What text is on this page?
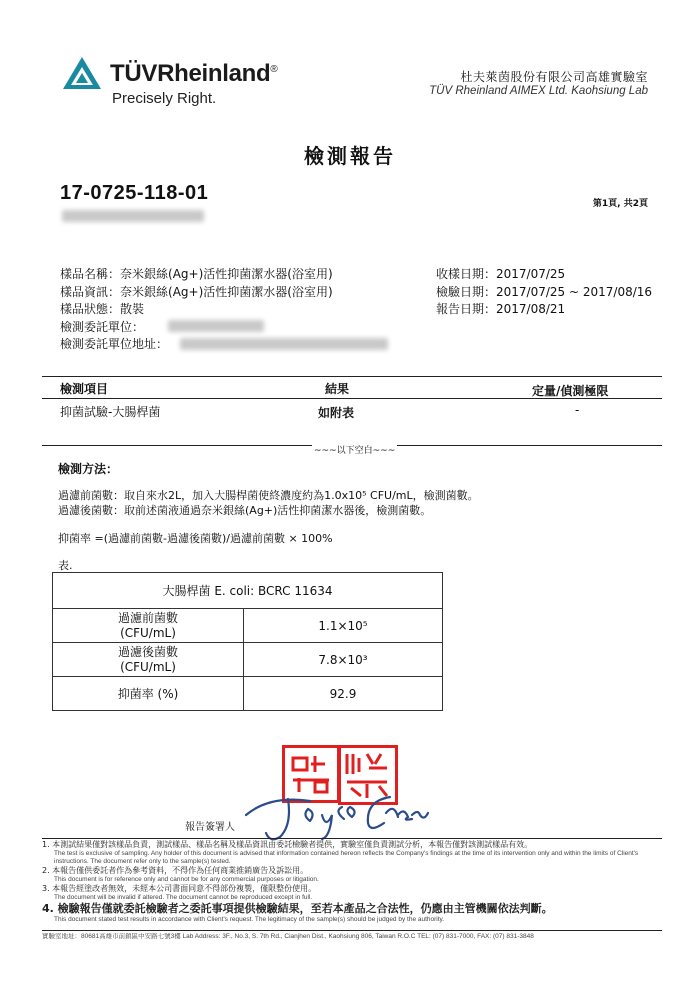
TÜVRheinland®
Precisely Right.
杜夫萊茵股份有限公司高雄實驗室
TÜV Rheinland AIMEX Ltd. Kaohsiung Lab
檢測報告
17-0725-118-01	第1頁, 共2頁
樣品名稱：奈米銀絲(Ag+)活性抑菌潔水器(浴室用)
樣品資訊：奈米銀絲(Ag+)活性抑菌潔水器(浴室用)
樣品狀態：散裝
檢測委託單位：
檢測委託單位地址：
收樣日期：2017/07/25
檢驗日期：2017/07/25 ~ 2017/08/16
報告日期：2017/08/21
檢測項目	結果	定量/偵測極限
抑菌試驗-大腸桿菌	如附表	-
~~~以下空白~~~
檢測方法：
過濾前菌數：取自來水2L，加入大腸桿菌使終濃度約為1.0x10⁵ CFU/mL，檢測菌數。
過濾後菌數：取前述菌液通過奈米銀絲(Ag+)活性抑菌潔水器後，檢測菌數。
抑菌率 =(過濾前菌數-過濾後菌數)/過濾前菌數 × 100%
表.
大腸桿菌 E. coli: BCRC 11634	

過濾前菌數
(CFU/mL)	1.1×10⁵

過濾後菌數
(CFU/mL)	7.8×10³
抑菌率 (%)	92.9
報告簽署人
1. 本測試結果僅對該樣品負責，測試樣品、樣品名稱及樣品資訊由委託檢驗者提供，實驗室僅負責測試分析，本報告僅對該測試樣品有效。
The test is exclusive of sampling. Any holder of this document is advised that information contained hereon reflects the Company's findings at the time of its intervention only and within the limits of Client's instructions. The document refer only to the sample(s) tested.
2. 本報告僅供委託者作為參考資料，不得作為任何商業推銷廣告及訴訟用。
This document is for reference only and cannot be for any commercial purposes or litigation.
3. 本報告經塗改者無效，未經本公司書面同意不得部份複製，僅限整份使用。
The document will be invalid if altered. The document cannot be reproduced except in full.
4. 檢驗報告僅就委託檢驗者之委託事項提供檢驗結果，至若本產品之合法性，仍應由主管機關依法判斷。
This document stated test results in accordance with Client's request. The legitimacy of the sample(s) should be judged by the authority.
實驗室地址：80681高雄市前鎮區中安路七號3樓 Lab Address: 3F., No.3, S. 7th Rd., Cianjhen Dist., Kaohsiung 806, Taiwan R.O.C TEL: (07) 831-7000, FAX: (07) 831-3848
